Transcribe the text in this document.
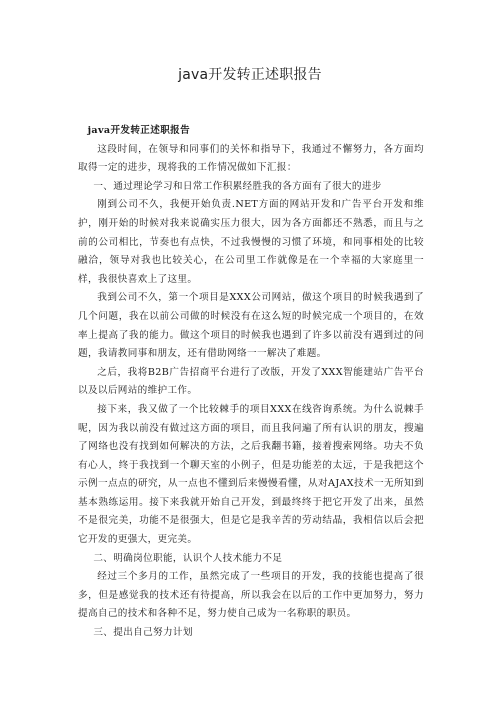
java开发转正述职报告

java开发转正述职报告

这段时间，在领导和同事们的关怀和指导下，我通过不懈努力，各方面均取得一定的进步，现将我的工作情况做如下汇报：

一、通过理论学习和日常工作积累经胜我的各方面有了很大的进步

刚到公司不久，我便开始负责.NET方面的网站开发和广告平台开发和维护，刚开始的时候对我来说确实压力很大，因为各方面都还不熟悉，而且与之前的公司相比，节奏也有点快，不过我慢慢的习惯了环境，和同事相处的比较融洽，领导对我也比较关心，在公司里工作就像是在一个幸福的大家庭里一样，我很快喜欢上了这里。

我到公司不久，第一个项目是XXX公司网站，做这个项目的时候我遇到了几个问题，我在以前公司做的时候没有在这么短的时候完成一个项目的，在效率上提高了我的能力。做这个项目的时候我也遇到了许多以前没有遇到过的问题，我请教同事和朋友，还有借助网络一一解决了难题。

之后，我将B2B广告招商平台进行了改版，开发了XXX智能建站广告平台以及以后网站的维护工作。

接下来，我又做了一个比较棘手的项目XXX在线咨询系统。为什么说棘手呢，因为我以前没有做过这方面的项目，而且我问遍了所有认识的朋友，搜遍了网络也没有找到如何解决的方法，之后我翻书籍，接着搜索网络。功夫不负有心人，终于我找到一个聊天室的小例子，但是功能差的太远，于是我把这个示例一点点的研究，从一点也不懂到后来慢慢看懂，从对AJAX技术一无所知到基本熟练运用。接下来我就开始自己开发，到最终终于把它开发了出来，虽然不是很完美，功能不是很强大，但是它是我辛苦的劳动结晶，我相信以后会把它开发的更强大，更完美。

二、明确岗位职能，认识个人技术能力不足

经过三个多月的工作，虽然完成了一些项目的开发，我的技能也提高了很多，但是感觉我的技术还有待提高，所以我会在以后的工作中更加努力，努力提高自己的技术和各种不足，努力使自己成为一名称职的职员。

三、提出自己努力计划
